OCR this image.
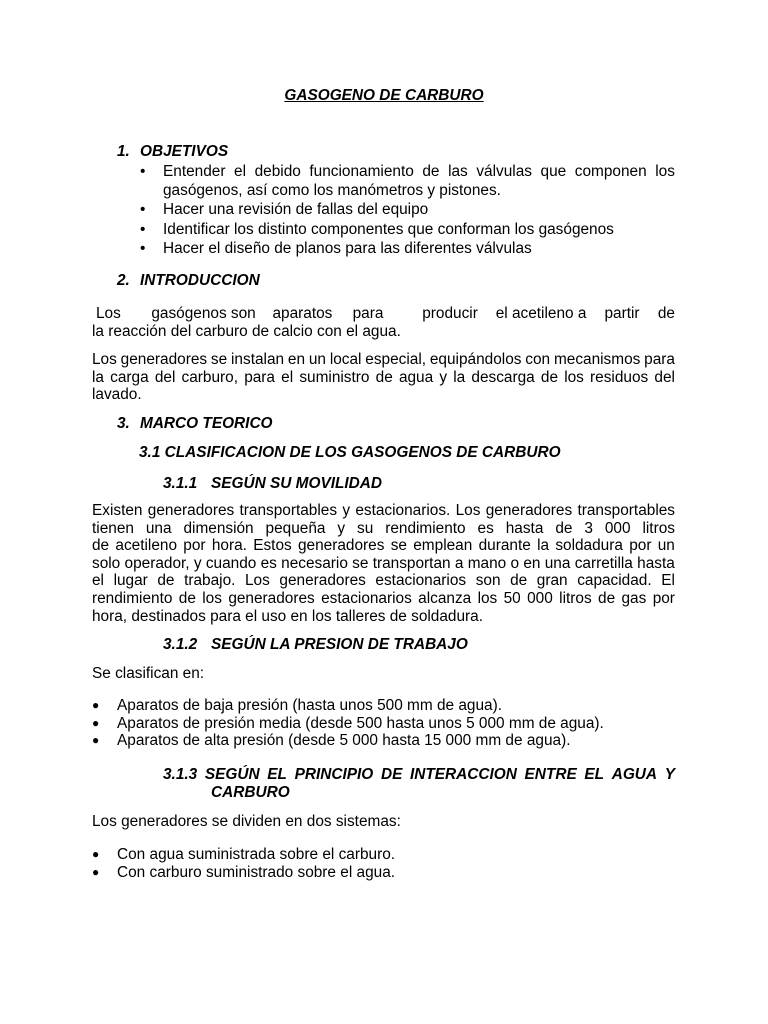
GASOGENO DE CARBURO
1. OBJETIVOS
• Entender el debido funcionamiento de las válvulas que componen los
gasógenos, así como los manómetros y pistones.
• Hacer una revisión de fallas del equipo
• Identificar los distinto componentes que conforman los gasógenos
• Hacer el diseño de planos para las diferentes válvulas
2. INTRODUCCION
Los	gasógenos son	aparatos	para	producir	el acetileno a	partir	de
la reacción del carburo de calcio con el agua.
Los generadores se instalan en un local especial, equipándolos con mecanismos para
la carga del carburo, para el suministro de agua y la descarga de los residuos del
lavado.
3. MARCO TEORICO
3.1 CLASIFICACION DE LOS GASOGENOS DE CARBURO
3.1.1 SEGÚN SU MOVILIDAD
Existen generadores transportables y estacionarios. Los generadores transportables
tienen una dimensión pequeña y su rendimiento es hasta de 3 000 litros
de acetileno por hora. Estos generadores se emplean durante la soldadura por un
solo operador, y cuando es necesario se transportan a mano o en una carretilla hasta
el lugar de trabajo. Los generadores estacionarios son de gran capacidad. El
rendimiento de los generadores estacionarios alcanza los 50 000 litros de gas por
hora, destinados para el uso en los talleres de soldadura.
3.1.2 SEGÚN LA PRESION DE TRABAJO
Se clasifican en:
● Aparatos de baja presión (hasta unos 500 mm de agua).
● Aparatos de presión media (desde 500 hasta unos 5 000 mm de agua).
● Aparatos de alta presión (desde 5 000 hasta 15 000 mm de agua).
3.1.3 SEGÚN EL PRINCIPIO DE INTERACCION ENTRE EL AGUA Y
CARBURO
Los generadores se dividen en dos sistemas:
● Con agua suministrada sobre el carburo.
● Con carburo suministrado sobre el agua.
